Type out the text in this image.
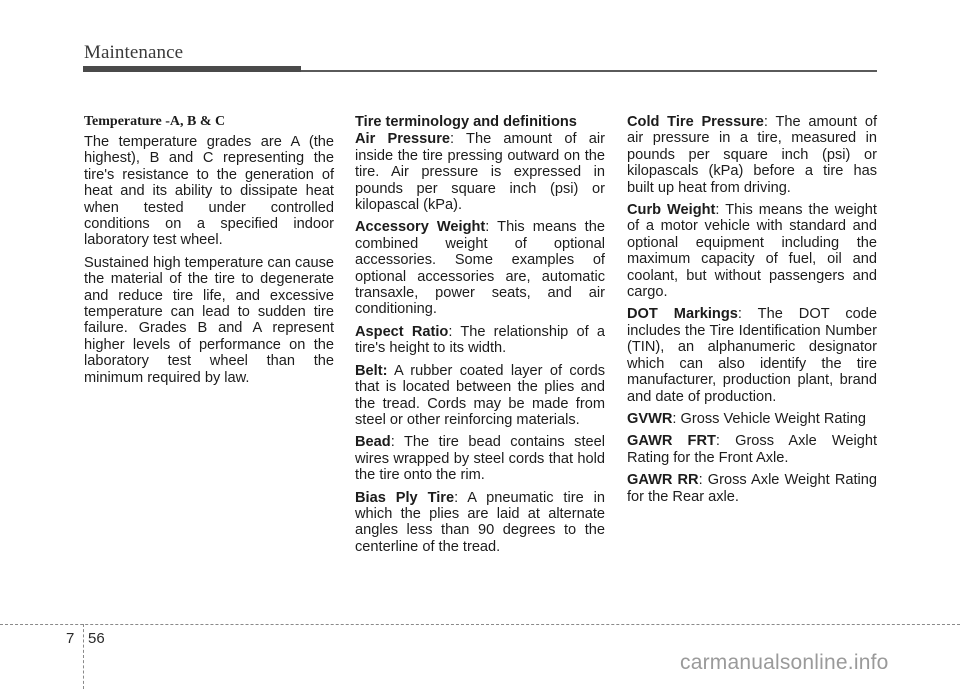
Maintenance
Temperature -A, B & C

The temperature grades are A (the highest), B and C representing the tire's resistance to the generation of heat and its ability to dissipate heat when tested under controlled conditions on a specified indoor laboratory test wheel.

Sustained high temperature can cause the material of the tire to degenerate and reduce tire life, and excessive temperature can lead to sudden tire failure. Grades B and A represent higher levels of performance on the laboratory test wheel than the minimum required by law.

Tire terminology and definitions

Air Pressure: The amount of air inside the tire pressing outward on the tire. Air pressure is expressed in pounds per square inch (psi) or kilopascal (kPa).

Accessory Weight: This means the combined weight of optional accessories. Some examples of optional accessories are, automatic transaxle, power seats, and air conditioning.

Aspect Ratio: The relationship of a tire's height to its width.

Belt: A rubber coated layer of cords that is located between the plies and the tread. Cords may be made from steel or other reinforcing materials.

Bead: The tire bead contains steel wires wrapped by steel cords that hold the tire onto the rim.

Bias Ply Tire: A pneumatic tire in which the plies are laid at alternate angles less than 90 degrees to the centerline of the tread.

Cold Tire Pressure: The amount of air pressure in a tire, measured in pounds per square inch (psi) or kilopascals (kPa) before a tire has built up heat from driving.

Curb Weight: This means the weight of a motor vehicle with standard and optional equipment including the maximum capacity of fuel, oil and coolant, but without passengers and cargo.

DOT Markings: The DOT code includes the Tire Identification Number (TIN), an alphanumeric designator which can also identify the tire manufacturer, production plant, brand and date of production.

GVWR: Gross Vehicle Weight Rating

GAWR FRT: Gross Axle Weight Rating for the Front Axle.

GAWR RR: Gross Axle Weight Rating for the Rear axle.

7 56
carmanualsonline.info
